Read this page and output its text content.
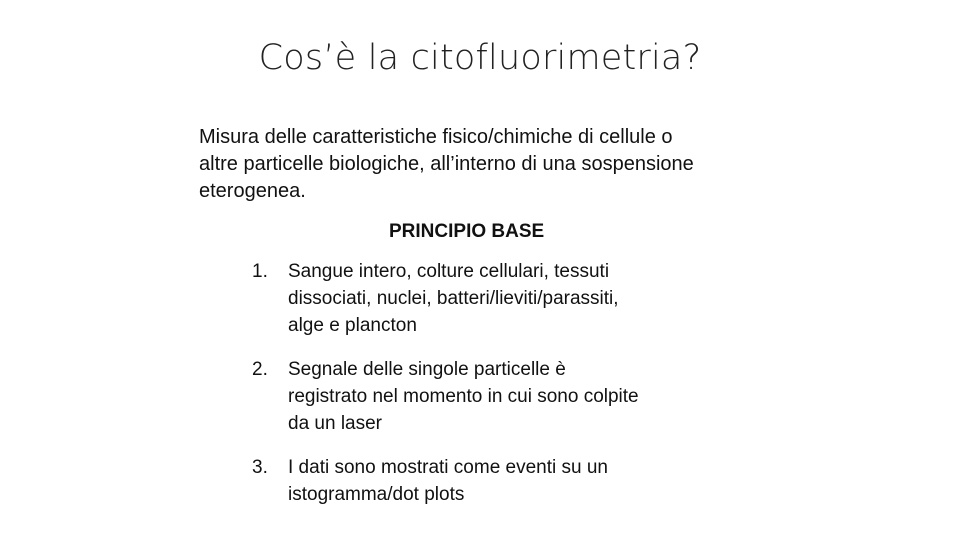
Cos’è la citofluorimetria?
Misura delle caratteristiche fisico/chimiche di cellule o
altre particelle biologiche, all’interno di una sospensione
eterogenea.
PRINCIPIO BASE
1.	Sangue intero, colture cellulari, tessuti
dissociati, nuclei, batteri/lieviti/parassiti,
alge e plancton
2.	Segnale delle singole particelle è
registrato nel momento in cui sono colpite
da un laser
3.	I dati sono mostrati come eventi su un
istogramma/dot plots
